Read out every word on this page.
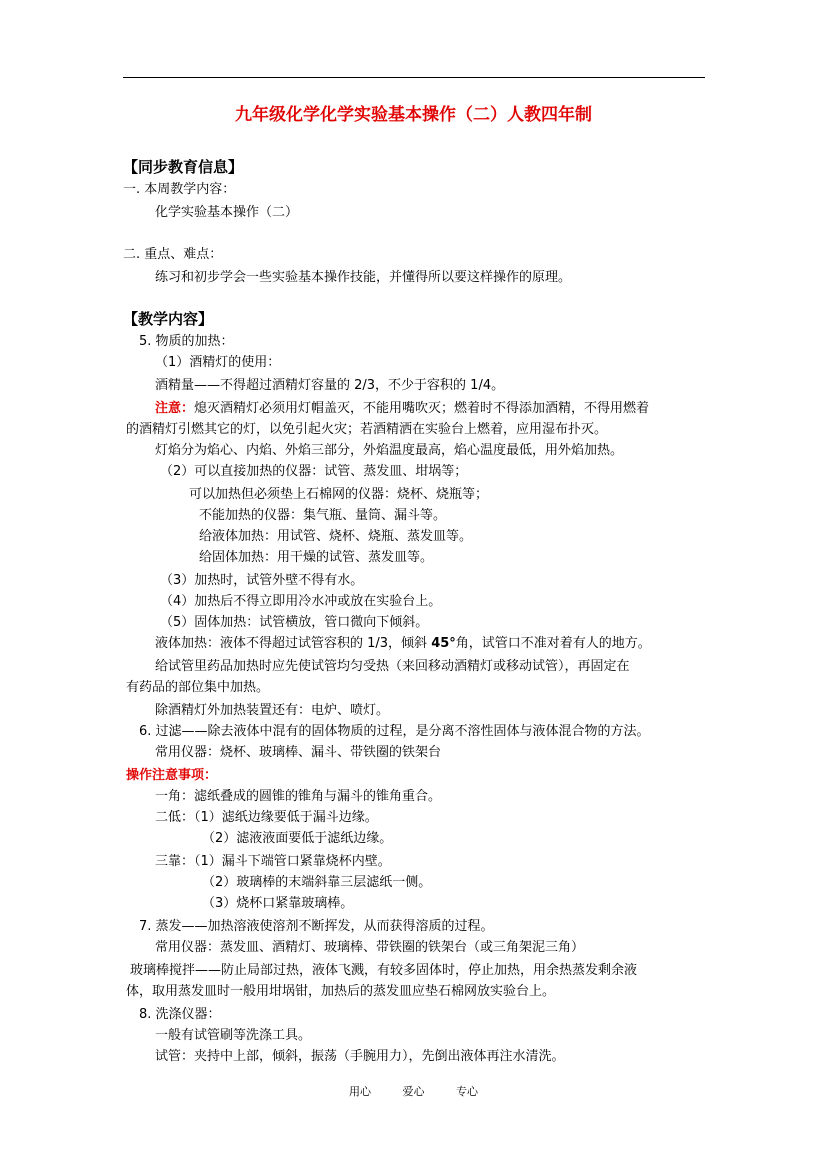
九年级化学化学实验基本操作（二）人教四年制
【同步教育信息】
一. 本周教学内容：
化学实验基本操作（二）
二. 重点、难点：
练习和初步学会一些实验基本操作技能，并懂得所以要这样操作的原理。
【教学内容】
5. 物质的加热：
（1）酒精灯的使用：
酒精量——不得超过酒精灯容量的 2/3，不少于容积的 1/4。
注意：熄灭酒精灯必须用灯帽盖灭，不能用嘴吹灭；燃着时不得添加酒精，不得用燃着
的酒精灯引燃其它的灯，以免引起火灾；若酒精洒在实验台上燃着，应用湿布扑灭。
灯焰分为焰心、内焰、外焰三部分，外焰温度最高，焰心温度最低，用外焰加热。
（2）可以直接加热的仪器：试管、蒸发皿、坩埚等；
可以加热但必须垫上石棉网的仪器：烧杯、烧瓶等；
不能加热的仪器：集气瓶、量筒、漏斗等。
给液体加热：用试管、烧杯、烧瓶、蒸发皿等。
给固体加热：用干燥的试管、蒸发皿等。
（3）加热时，试管外壁不得有水。
（4）加热后不得立即用冷水冲或放在实验台上。
（5）固体加热：试管横放，管口微向下倾斜。
液体加热：液体不得超过试管容积的 1/3，倾斜 45°角，试管口不准对着有人的地方。
给试管里药品加热时应先使试管均匀受热（来回移动酒精灯或移动试管），再固定在
有药品的部位集中加热。
除酒精灯外加热装置还有：电炉、喷灯。
6. 过滤——除去液体中混有的固体物质的过程，是分离不溶性固体与液体混合物的方法。
常用仪器：烧杯、玻璃棒、漏斗、带铁圈的铁架台
操作注意事项：
一角：滤纸叠成的圆锥的锥角与漏斗的锥角重合。
二低：（1）滤纸边缘要低于漏斗边缘。
（2）滤液液面要低于滤纸边缘。
三靠：（1）漏斗下端管口紧靠烧杯内壁。
（2）玻璃棒的末端斜靠三层滤纸一侧。
（3）烧杯口紧靠玻璃棒。
7. 蒸发——加热溶液使溶剂不断挥发，从而获得溶质的过程。
常用仪器：蒸发皿、酒精灯、玻璃棒、带铁圈的铁架台（或三角架泥三角）
玻璃棒搅拌——防止局部过热，液体飞溅，有较多固体时，停止加热，用余热蒸发剩余液
体，取用蒸发皿时一般用坩埚钳，加热后的蒸发皿应垫石棉网放实验台上。
8. 洗涤仪器：
一般有试管刷等洗涤工具。
试管：夹持中上部，倾斜，振荡（手腕用力），先倒出液体再注水清洗。
用心	爱心	专心
